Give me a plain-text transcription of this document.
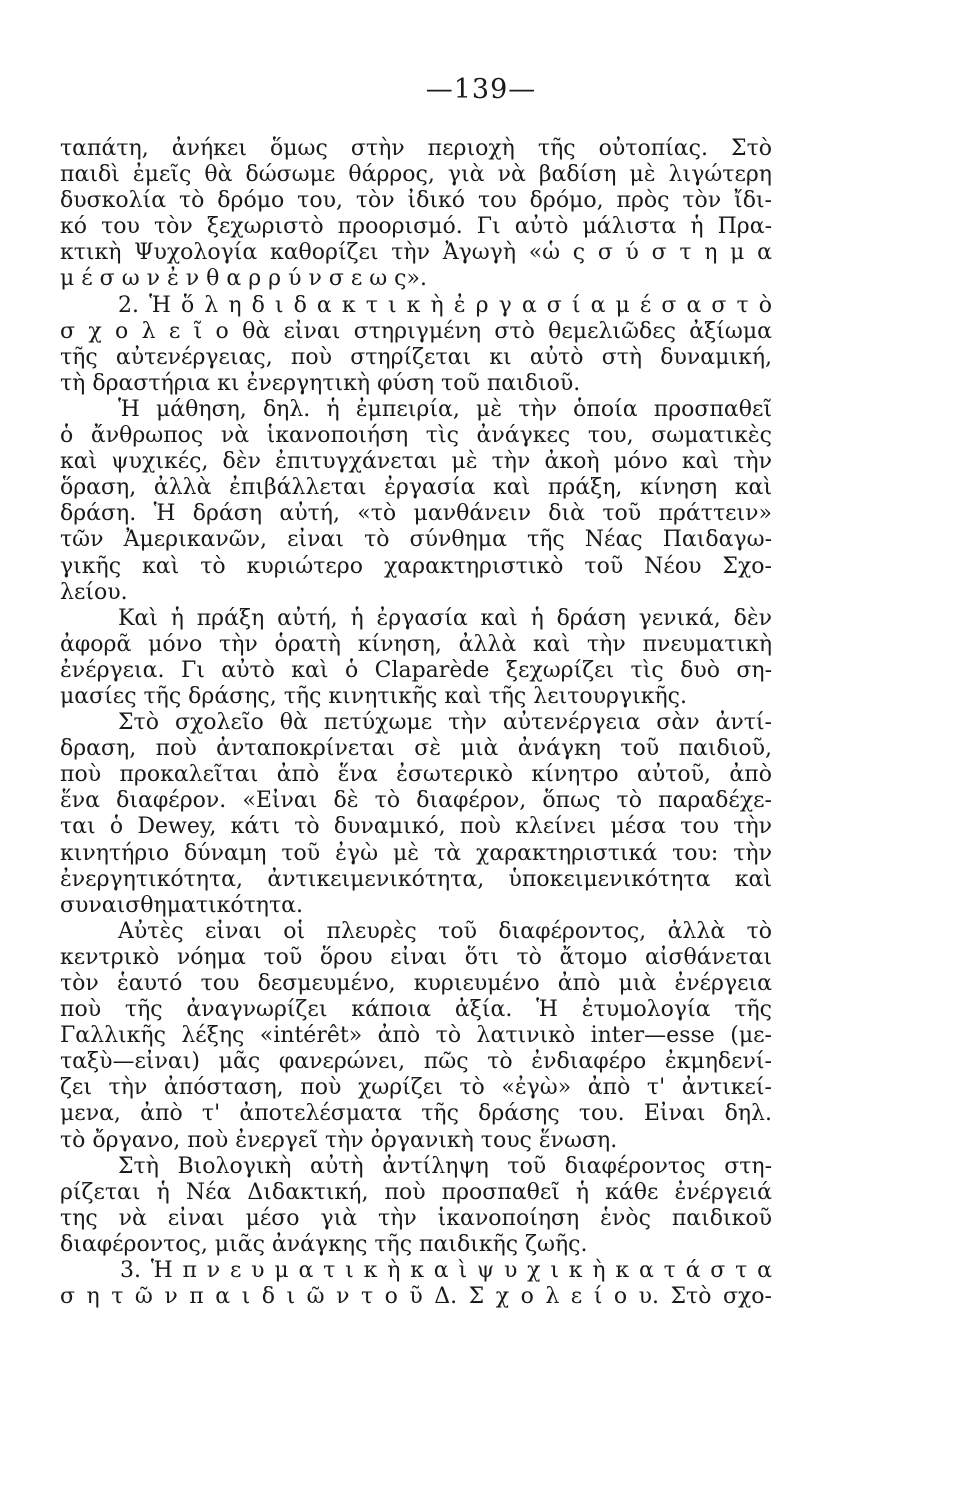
—139—
ταπάτη, ἀνήκει ὅμως στὴν περιοχὴ τῆς οὐτοπίας. Στὸ
παιδὶ ἐμεῖς θὰ δώσωμε θάρρος, γιὰ νὰ βαδίση μὲ λιγώτερη
δυσκολία τὸ δρόμο του, τὸν ἰδικό του δρόμο, πρὸς τὸν ἴδι-
κό του τὸν ξεχωριστὸ προορισμό. Γι αὐτὸ μάλιστα ἡ Πρα-
κτικὴ Ψυχολογία καθορίζει τὴν Ἀγωγὴ «ὡ ς σ ύ σ τ η μ α
μ έ σ ω ν ἐ ν θ α ρ ρ ύ ν σ ε ω ς».
2. Ἡ ὅ λ η δ ι δ α κ τ ι κ ὴ ἐ ρ γ α σ ί α μ έ σ α σ τ ὸ
σ χ ο λ ε ῖ ο θὰ εἶναι στηριγμένη στὸ θεμελιῶδες ἀξίωμα
τῆς αὐτενέργειας, ποὺ στηρίζεται κι αὐτὸ στὴ δυναμική,
τὴ δραστήρια κι ἐνεργητικὴ φύση τοῦ παιδιοῦ.
Ἡ μάθηση, δηλ. ἡ ἐμπειρία, μὲ τὴν ὁποία προσπαθεῖ
ὁ ἄνθρωπος νὰ ἱκανοποιήση τὶς ἀνάγκες του, σωματικὲς
καὶ ψυχικές, δὲν ἐπιτυγχάνεται μὲ τὴν ἀκοὴ μόνο καὶ τὴν
ὅραση, ἀλλὰ ἐπιβάλλεται ἐργασία καὶ πράξη, κίνηση καὶ
δράση. Ἡ δράση αὐτή, «τὸ μανθάνειν διὰ τοῦ πράττειν»
τῶν Ἀμερικανῶν, εἶναι τὸ σύνθημα τῆς Νέας Παιδαγω-
γικῆς καὶ τὸ κυριώτερο χαρακτηριστικὸ τοῦ Νέου Σχο-
λείου.
Καὶ ἡ πράξη αὐτή, ἡ ἐργασία καὶ ἡ δράση γενικά, δὲν
ἀφορᾶ μόνο τὴν ὁρατὴ κίνηση, ἀλλὰ καὶ τὴν πνευματικὴ
ἐνέργεια. Γι αὐτὸ καὶ ὁ Claparède ξεχωρίζει τὶς δυὸ ση-
μασίες τῆς δράσης, τῆς κινητικῆς καὶ τῆς λειτουργικῆς.
Στὸ σχολεῖο θὰ πετύχωμε τὴν αὐτενέργεια σὰν ἀντί-
δραση, ποὺ ἀνταποκρίνεται σὲ μιὰ ἀνάγκη τοῦ παιδιοῦ,
ποὺ προκαλεῖται ἀπὸ ἕνα ἐσωτερικὸ κίνητρο αὐτοῦ, ἀπὸ
ἕνα διαφέρον. «Εἶναι δὲ τὸ διαφέρον, ὅπως τὸ παραδέχε-
ται ὁ Dewey, κάτι τὸ δυναμικό, ποὺ κλείνει μέσα του τὴν
κινητήριο δύναμη τοῦ ἐγὼ μὲ τὰ χαρακτηριστικά του: τὴν
ἐνεργητικότητα, ἀντικειμενικότητα, ὑποκειμενικότητα καὶ
συναισθηματικότητα.
Αὐτὲς εἶναι οἱ πλευρὲς τοῦ διαφέροντος, ἀλλὰ τὸ
κεντρικὸ νόημα τοῦ ὅρου εἶναι ὅτι τὸ ἄτομο αἰσθάνεται
τὸν ἑαυτό του δεσμευμένο, κυριευμένο ἀπὸ μιὰ ἐνέργεια
ποὺ τῆς ἀναγνωρίζει κάποια ἀξία. Ἡ ἐτυμολογία τῆς
Γαλλικῆς λέξης «intérêt» ἀπὸ τὸ λατινικὸ inter—esse (με-
ταξὺ—εἶναι) μᾶς φανερώνει, πῶς τὸ ἐνδιαφέρο ἐκμηδενί-
ζει τὴν ἀπόσταση, ποὺ χωρίζει τὸ «ἐγὼ» ἀπὸ τ' ἀντικεί-
μενα, ἀπὸ τ' ἀποτελέσματα τῆς δράσης του. Εἶναι δηλ.
τὸ ὄργανο, ποὺ ἐνεργεῖ τὴν ὀργανικὴ τους ἕνωση.
Στὴ Βιολογικὴ αὐτὴ ἀντίληψη τοῦ διαφέροντος στη-
ρίζεται ἡ Νέα Διδακτική, ποὺ προσπαθεῖ ἡ κάθε ἐνέργειά
της νὰ εἶναι μέσο γιὰ τὴν ἱκανοποίηση ἑνὸς παιδικοῦ
διαφέροντος, μιᾶς ἀνάγκης τῆς παιδικῆς ζωῆς.
3. Ἡ π ν ε υ μ α τ ι κ ὴ κ α ὶ ψ υ χ ι κ ὴ κ α τ ά σ τ α
σ η τ ῶ ν π α ι δ ι ῶ ν τ ο ῦ Δ. Σ χ ο λ ε ί ο υ. Στὸ σχο-
